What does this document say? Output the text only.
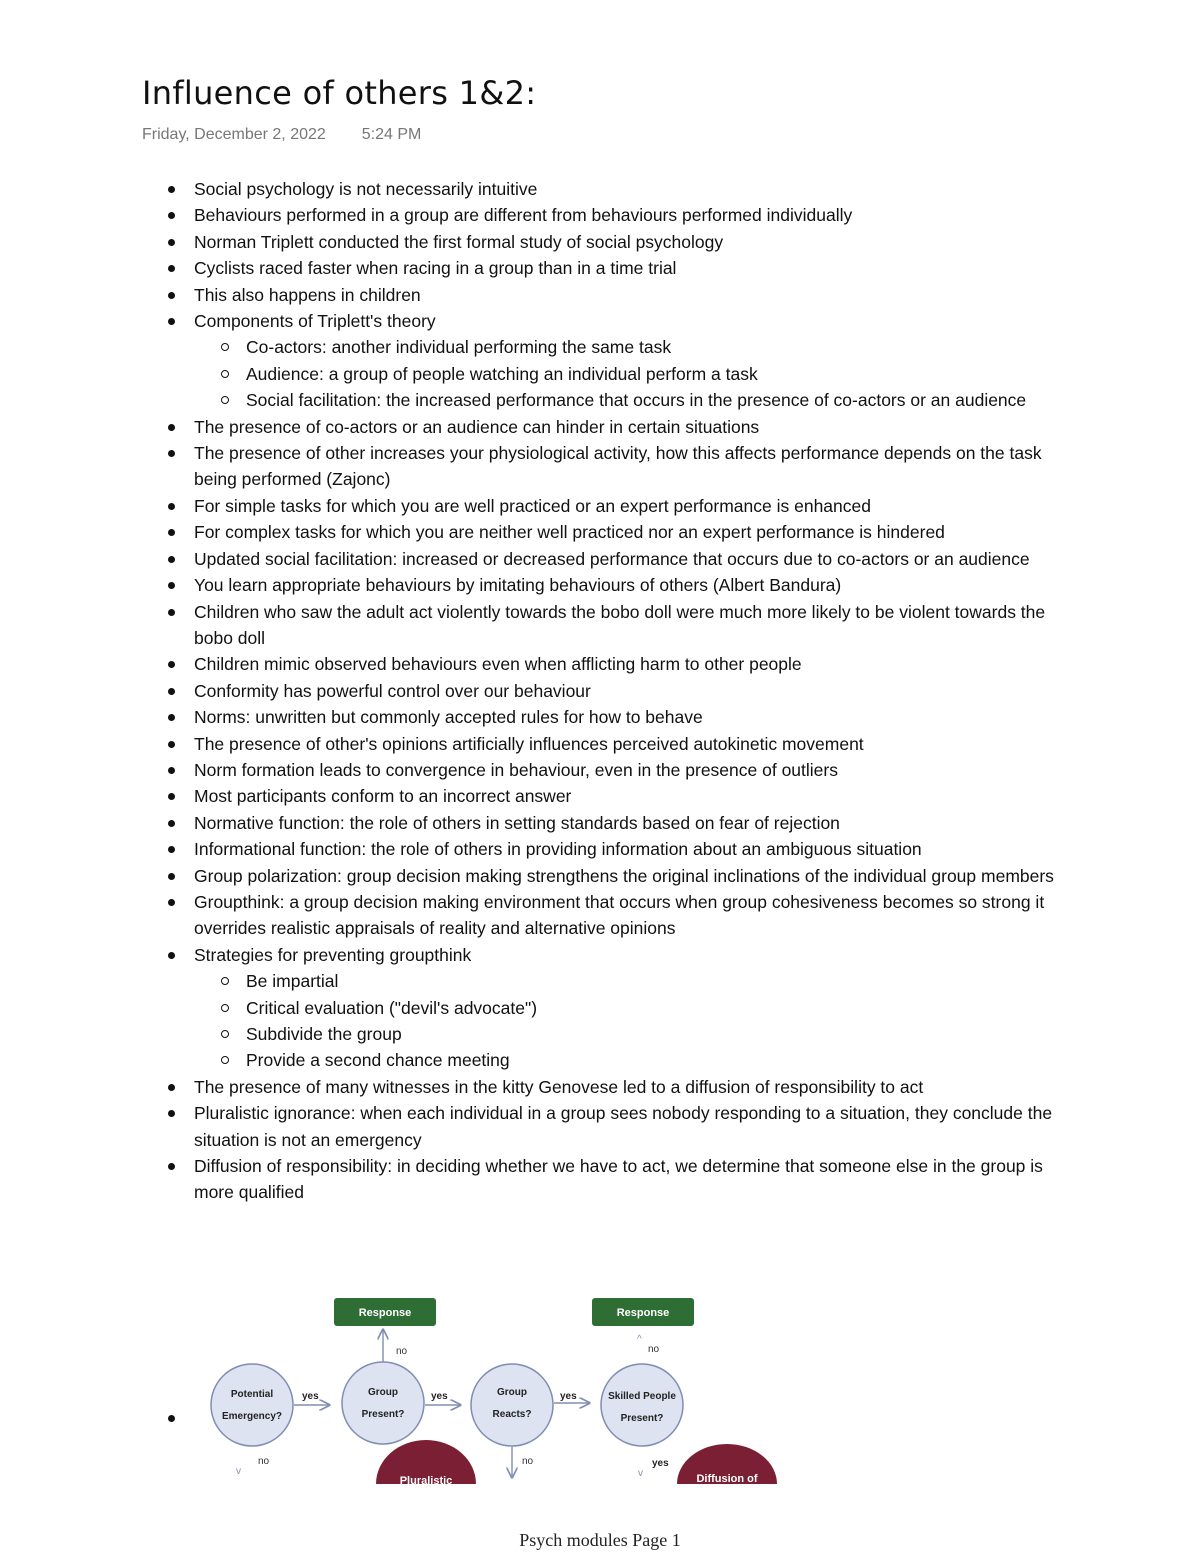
Influence of others 1&2:
Friday, December 2, 2022 5:24 PM
Social psychology is not necessarily intuitive
Behaviours performed in a group are different from behaviours performed individually
Norman Triplett conducted the first formal study of social psychology
Cyclists raced faster when racing in a group than in a time trial
This also happens in children
Components of Triplett's theory
Co-actors: another individual performing the same task
Audience: a group of people watching an individual perform a task
Social facilitation: the increased performance that occurs in the presence of co-actors or an audience
The presence of co-actors or an audience can hinder in certain situations
The presence of other increases your physiological activity, how this affects performance depends on the task being performed (Zajonc)
For simple tasks for which you are well practiced or an expert performance is enhanced
For complex tasks for which you are neither well practiced nor an expert performance is hindered
Updated social facilitation: increased or decreased performance that occurs due to co-actors or an audience
You learn appropriate behaviours by imitating behaviours of others (Albert Bandura)
Children who saw the adult act violently towards the bobo doll were much more likely to be violent towards the bobo doll
Children mimic observed behaviours even when afflicting harm to other people
Conformity has powerful control over our behaviour
Norms: unwritten but commonly accepted rules for how to behave
The presence of other's opinions artificially influences perceived autokinetic movement
Norm formation leads to convergence in behaviour, even in the presence of outliers
Most participants conform to an incorrect answer
Normative function: the role of others in setting standards based on fear of rejection
Informational function: the role of others in providing information about an ambiguous situation
Group polarization: group decision making strengthens the original inclinations of the individual group members
Groupthink: a group decision making environment that occurs when group cohesiveness becomes so strong it overrides realistic appraisals of reality and alternative opinions
Strategies for preventing groupthink
Be impartial
Critical evaluation ("devil's advocate")
Subdivide the group
Provide a second chance meeting
The presence of many witnesses in the kitty Genovese led to a diffusion of responsibility to act
Pluralistic ignorance: when each individual in a group sees nobody responding to a situation, they conclude the situation is not an emergency
Diffusion of responsibility: in deciding whether we have to act, we determine that someone else in the group is more qualified
Response	Response
no
^
no
Potential
Emergency?
Group
Present?
Group
Reacts?
Skilled People
Present?
yes	yes	yes
no
v
no	yes
v
Pluralistic	Diffusion of
Psych modules Page 1
